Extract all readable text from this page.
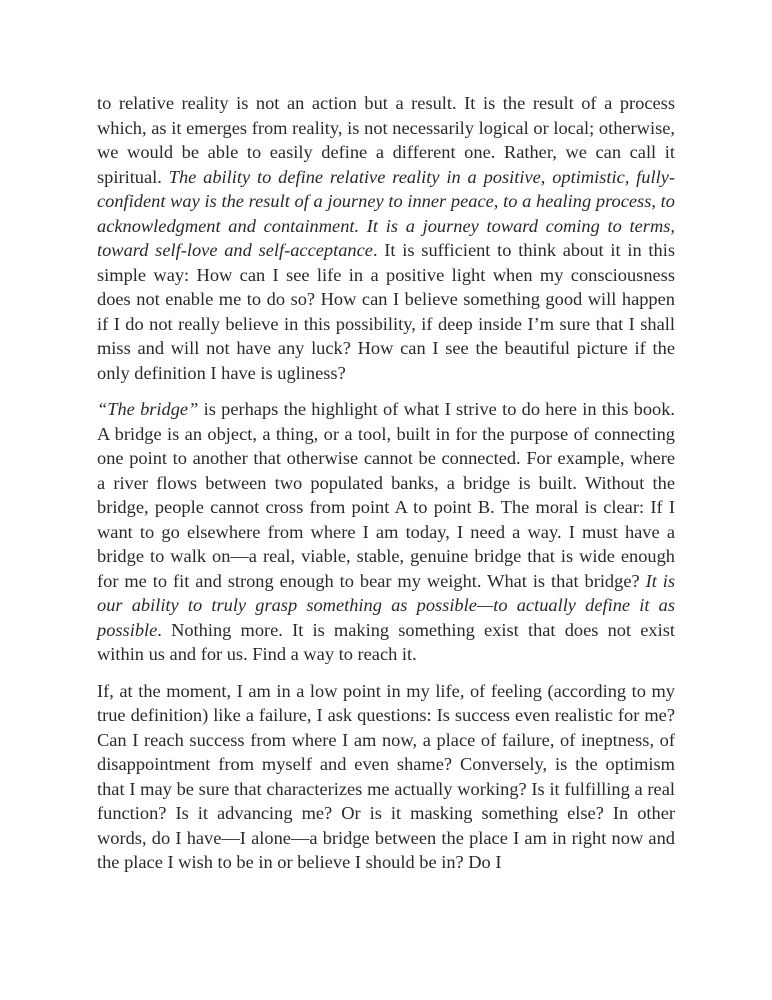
to relative reality is not an action but a result. It is the result of a process which, as it emerges from reality, is not necessarily logical or local; otherwise, we would be able to easily define a different one. Rather, we can call it spiritual. The ability to define relative reality in a positive, optimistic, fully-confident way is the result of a journey to inner peace, to a healing process, to acknowledgment and containment. It is a journey toward coming to terms, toward self-love and self-acceptance. It is sufficient to think about it in this simple way: How can I see life in a positive light when my consciousness does not enable me to do so? How can I believe something good will happen if I do not really believe in this possibility, if deep inside I’m sure that I shall miss and will not have any luck? How can I see the beautiful picture if the only definition I have is ugliness?

“The bridge” is perhaps the highlight of what I strive to do here in this book. A bridge is an object, a thing, or a tool, built in for the purpose of connecting one point to another that otherwise cannot be connected. For example, where a river flows between two populated banks, a bridge is built. Without the bridge, people cannot cross from point A to point B. The moral is clear: If I want to go elsewhere from where I am today, I need a way. I must have a bridge to walk on—a real, viable, stable, genuine bridge that is wide enough for me to fit and strong enough to bear my weight. What is that bridge? It is our ability to truly grasp something as possible—to actually define it as possible. Nothing more. It is making something exist that does not exist within us and for us. Find a way to reach it.

If, at the moment, I am in a low point in my life, of feeling (according to my true definition) like a failure, I ask questions: Is success even realistic for me? Can I reach success from where I am now, a place of failure, of ineptness, of disappointment from myself and even shame? Conversely, is the optimism that I may be sure that characterizes me actually working? Is it fulfilling a real function? Is it advancing me? Or is it masking something else? In other words, do I have—I alone—a bridge between the place I am in right now and the place I wish to be in or believe I should be in? Do I
